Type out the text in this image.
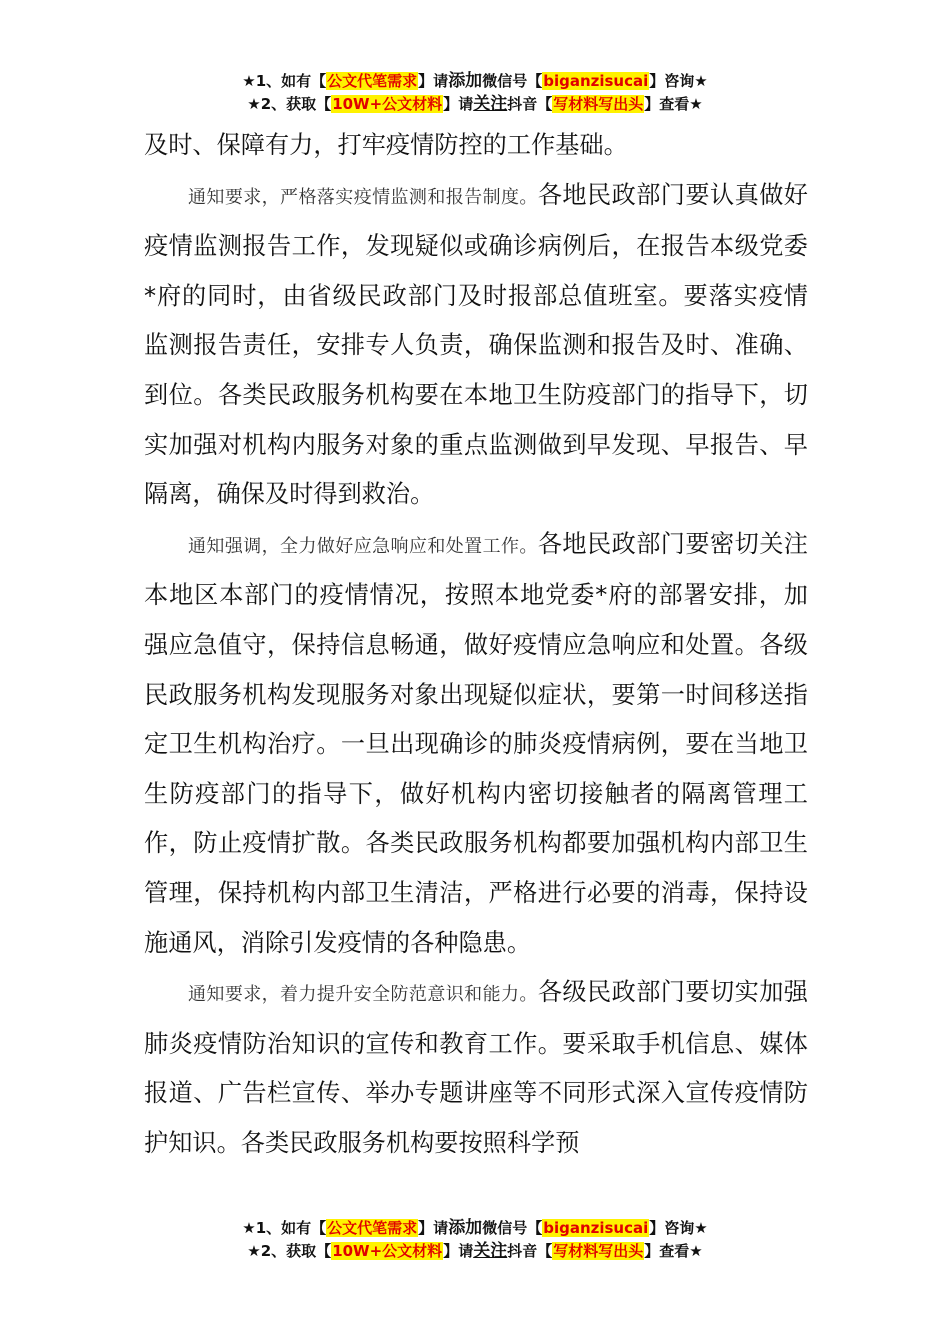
★1、如有【公文代笔需求】请添加微信号【biganzisucai】咨询★
★2、获取【10W+公文材料】请关注抖音【写材料写出头】查看★

及时、保障有力，打牢疫情防控的工作基础。

通知要求，严格落实疫情监测和报告制度。各地民政部门要认真做好疫情监测报告工作，发现疑似或确诊病例后，在报告本级党委*府的同时，由省级民政部门及时报部总值班室。要落实疫情监测报告责任，安排专人负责，确保监测和报告及时、准确、到位。各类民政服务机构要在本地卫生防疫部门的指导下，切实加强对机构内服务对象的重点监测做到早发现、早报告、早隔离，确保及时得到救治。

通知强调，全力做好应急响应和处置工作。各地民政部门要密切关注本地区本部门的疫情情况，按照本地党委*府的部署安排，加强应急值守，保持信息畅通，做好疫情应急响应和处置。各级民政服务机构发现服务对象出现疑似症状，要第一时间移送指定卫生机构治疗。一旦出现确诊的肺炎疫情病例，要在当地卫生防疫部门的指导下，做好机构内密切接触者的隔离管理工作，防止疫情扩散。各类民政服务机构都要加强机构内部卫生管理，保持机构内部卫生清洁，严格进行必要的消毒，保持设施通风，消除引发疫情的各种隐患。

通知要求，着力提升安全防范意识和能力。各级民政部门要切实加强肺炎疫情防治知识的宣传和教育工作。要采取手机信息、媒体报道、广告栏宣传、举办专题讲座等不同形式深入宣传疫情防护知识。各类民政服务机构要按照科学预

★1、如有【公文代笔需求】请添加微信号【biganzisucai】咨询★
★2、获取【10W+公文材料】请关注抖音【写材料写出头】查看★
